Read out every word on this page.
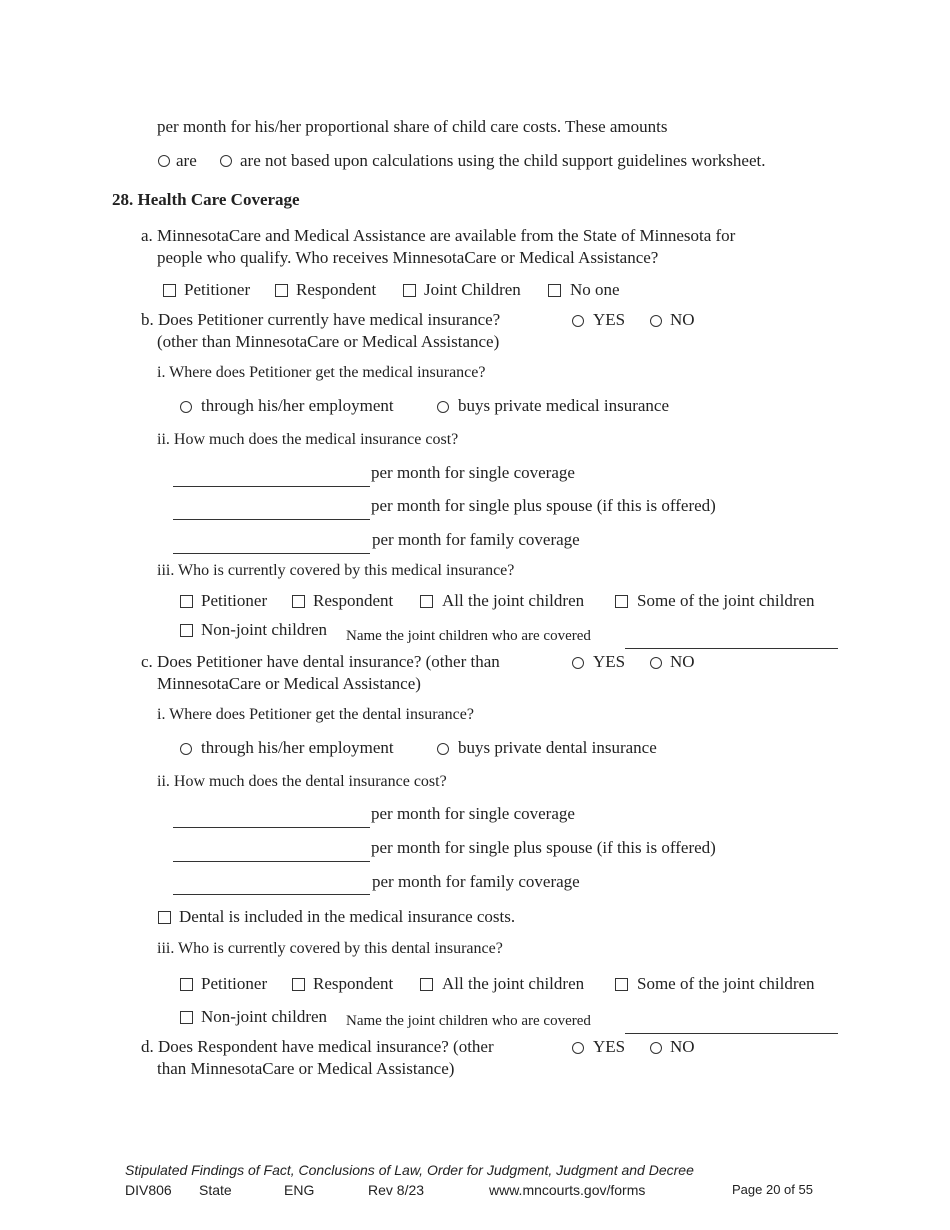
per month for his/her proportional share of child care costs. These amounts
are	are not based upon calculations using the child support guidelines worksheet.
28. Health Care Coverage
a. MinnesotaCare and Medical Assistance are available from the State of Minnesota for
people who qualify. Who receives MinnesotaCare or Medical Assistance?
Petitioner	Respondent	Joint Children	No one
b. Does Petitioner currently have medical insurance?
(other than MinnesotaCare or Medical Assistance)
YES	NO
i. Where does Petitioner get the medical insurance?
through his/her employment	buys private medical insurance
ii. How much does the medical insurance cost?
per month for single coverage
per month for single plus spouse (if this is offered)
per month for family coverage
iii. Who is currently covered by this medical insurance?
Petitioner	Respondent	All the joint children	Some of the joint children
Non-joint children Name the joint children who are covered
c. Does Petitioner have dental insurance? (other than
MinnesotaCare or Medical Assistance)
YES	NO
i. Where does Petitioner get the dental insurance?
through his/her employment	buys private dental insurance
ii. How much does the dental insurance cost?
per month for single coverage
per month for single plus spouse (if this is offered)
per month for family coverage
Dental is included in the medical insurance costs.
iii. Who is currently covered by this dental insurance?
Petitioner	Respondent	All the joint children	Some of the joint children
Non-joint children Name the joint children who are covered
d. Does Respondent have medical insurance? (other
than MinnesotaCare or Medical Assistance)
YES	NO
Stipulated Findings of Fact, Conclusions of Law, Order for Judgment, Judgment and Decree
DIV806 State	ENG	Rev 8/23	www.mncourts.gov/forms	Page 20 of 55
